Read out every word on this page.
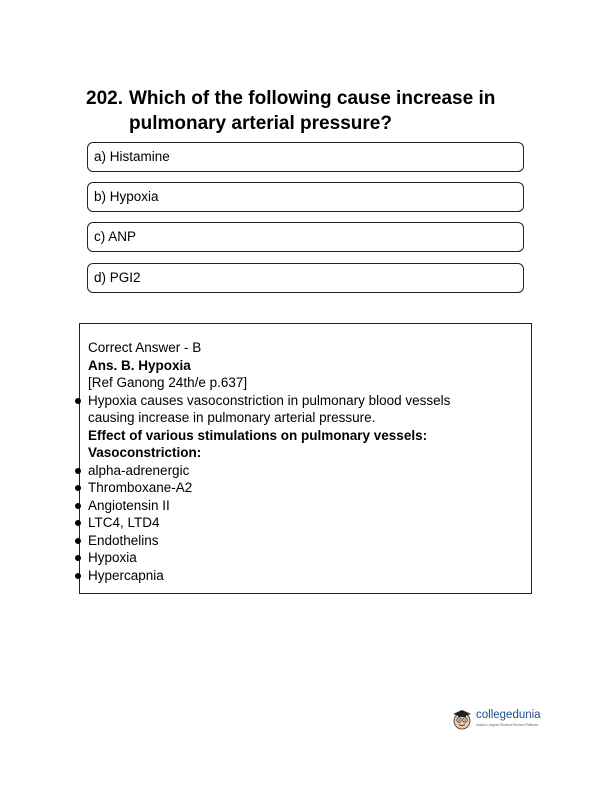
202. Which of the following cause increase in pulmonary arterial pressure?
a) Histamine
b) Hypoxia
c) ANP
d) PGI2
Correct Answer - B
Ans. B. Hypoxia
[Ref Ganong 24th/e p.637]
Hypoxia causes vasoconstriction in pulmonary blood vessels
causing increase in pulmonary arterial pressure.
Effect of various stimulations on pulmonary vessels:
Vasoconstriction:
alpha-adrenergic
Thromboxane-A2
Angiotensin II
LTC4, LTD4
Endothelins
Hypoxia
Hypercapnia
collegedunia
India's Largest Student Review Platform
